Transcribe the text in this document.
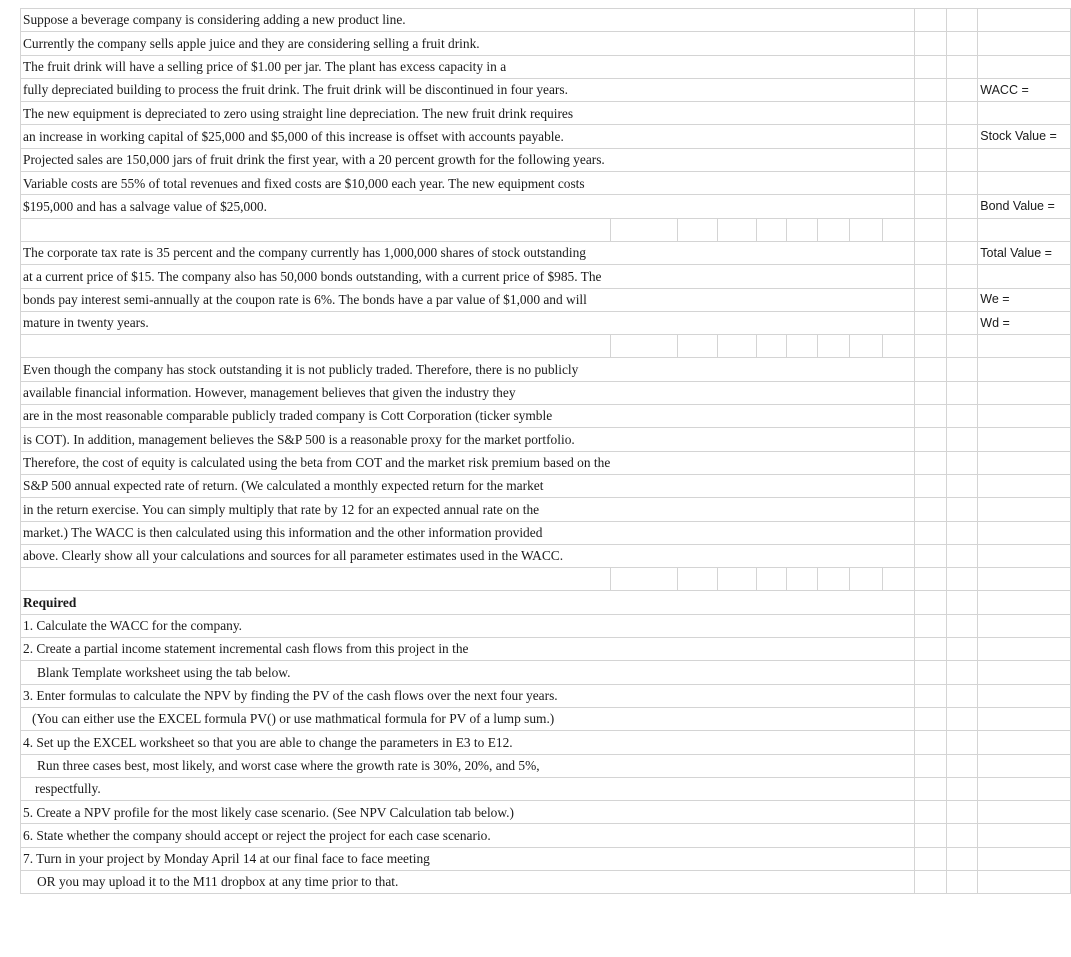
Suppose a beverage company is considering adding a new product line.											
Currently the company sells apple juice and they are considering selling a fruit drink.											
The fruit drink will have a selling price of $1.00 per jar. The plant has excess capacity in a											
fully depreciated building to process the fruit drink. The fruit drink will be discontinued in four years.											WACC =
The new equipment is depreciated to zero using straight line depreciation. The new fruit drink requires											
an increase in working capital of $25,000 and $5,000 of this increase is offset with accounts payable.											Stock Value =
Projected sales are 150,000 jars of fruit drink the first year, with a 20 percent growth for the following years.											
Variable costs are 55% of total revenues and fixed costs are $10,000 each year. The new equipment costs											
$195,000 and has a salvage value of $25,000.											Bond Value =

The corporate tax rate is 35 percent and the company currently has 1,000,000 shares of stock outstanding											Total Value =
at a current price of $15. The company also has 50,000 bonds outstanding, with a current price of $985. The											
bonds pay interest semi-annually at the coupon rate is 6%. The bonds have a par value of $1,000 and will											We =
mature in twenty years.											Wd =

Even though the company has stock outstanding it is not publicly traded. Therefore, there is no publicly											
available financial information. However, management believes that given the industry they											
are in the most reasonable comparable publicly traded company is Cott Corporation (ticker symble											
is COT). In addition, management believes the S&P 500 is a reasonable proxy for the market portfolio.											
Therefore, the cost of equity is calculated using the beta from COT and the market risk premium based on the											
S&P 500 annual expected rate of return. (We calculated a monthly expected return for the market											
in the return exercise. You can simply multiply that rate by 12 for an expected annual rate on the											
market.) The WACC is then calculated using this information and the other information provided											
above. Clearly show all your calculations and sources for all parameter estimates used in the WACC.											

Required											
1. Calculate the WACC for the company.											
2. Create a partial income statement incremental cash flows from this project in the											
Blank Template worksheet using the tab below.											
3. Enter formulas to calculate the NPV by finding the PV of the cash flows over the next four years.											
(You can either use the EXCEL formula PV() or use mathmatical formula for PV of a lump sum.)											
4. Set up the EXCEL worksheet so that you are able to change the parameters in E3 to E12.											
Run three cases best, most likely, and worst case where the growth rate is 30%, 20%, and 5%,											
respectfully.											
5. Create a NPV profile for the most likely case scenario. (See NPV Calculation tab below.)											
6. State whether the company should accept or reject the project for each case scenario.											
7. Turn in your project by Monday April 14 at our final face to face meeting											
OR you may upload it to the M11 dropbox at any time prior to that.											
